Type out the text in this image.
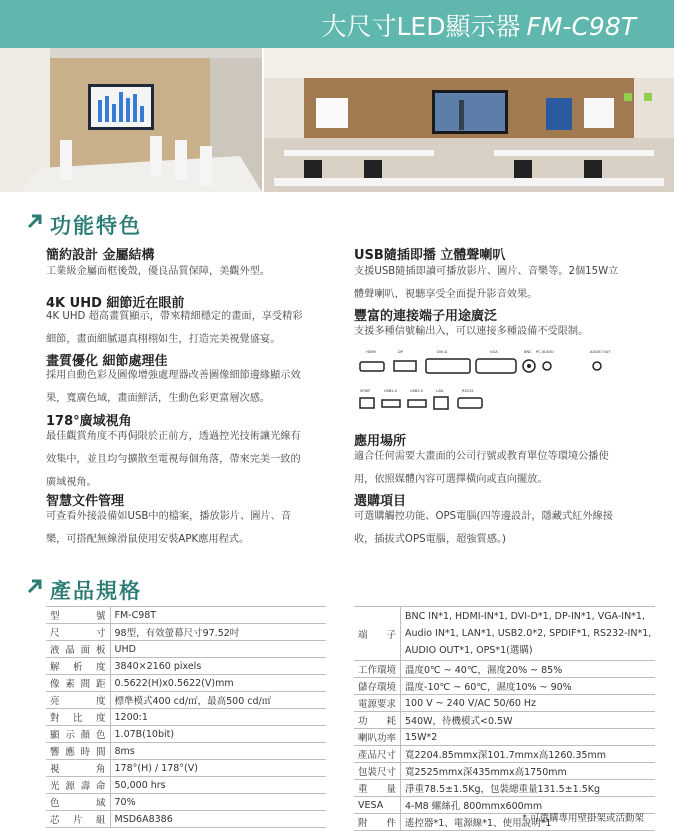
大尺寸LED顯示器 FM-C98T
功能特色
簡約設計 金屬結構
工業級金屬面框後殼，優良品質保障，美觀外型。
4K UHD 細節近在眼前
4K UHD 超高畫質顯示，帶來精細穩定的畫面，享受精彩細節，畫面細膩逼真栩栩如生，打造完美視覺盛宴。
畫質優化 細節處理佳
採用自動色彩及圖像增強處理器改善圖像細節邊緣顯示效果，寬廣色域，畫面鮮活，生動色彩更富層次感。
178°廣域視角
最佳觀賞角度不再侷限於正前方，透過控光技術讓光線有效集中，並且均勻擴散至電視每個角落，帶來完美一致的廣域視角。
智慧文件管理
可查看外接設備如USB中的檔案，播放影片、圖片、音樂，可搭配無線滑鼠使用安裝APK應用程式。
USB隨插即播 立體聲喇叭
支援USB隨插即讀可播放影片、圖片、音樂等。2個15W立體聲喇叭，視聽享受全面提升影音效果。
豐富的連接端子用途廣泛
支援多種信號輸出入，可以連接多種設備不受限制。
HDMI	DP	DVI-D	VGA	BNC PC AUDIO	AUDIO OUT
SPDIF	USB2.0	USB2.0	LAN	RS232
應用場所
適合任何需要大畫面的公司行號或教育單位等環境公播使用，依照媒體內容可選擇橫向或直向擺放。
選購項目
可選購觸控功能、OPS電腦(四等邊設計，隱藏式紅外線接收，插拔式OPS電腦，超強質感。)
產品規格
型號	FM-C98T
尺寸	98型，有效螢幕尺寸97.52吋
液晶面板	UHD
解析度	3840×2160 pixels
像素間距	0.5622(H)x0.5622(V)mm
亮度	標準模式400 cd/㎡，最高500 cd/㎡
對比度	1200:1
顯示顏色	1.07B(10bit)
響應時間	8ms
視角	178°(H) / 178°(V)
光源壽命	50,000 hrs
色域	70%
芯片組	MSD6A8386
端子	BNC IN*1, HDMI-IN*1, DVI-D*1, DP-IN*1, VGA-IN*1,
Audio IN*1, LAN*1, USB2.0*2, SPDIF*1, RS232-IN*1,
AUDIO OUT*1, OPS*1(選購)

工作環境	溫度0℃ ~ 40℃，濕度20% ~ 85%
儲存環境	溫度-10℃ ~ 60℃，濕度10% ~ 90%
電源要求	100 V ~ 240 V/AC 50/60 Hz
功耗	540W，待機模式<0.5W
喇叭功率	15W*2
產品尺寸	寬2204.85mmx深101.7mmx高1260.35mm
包裝尺寸	寬2525mmx深435mmx高1750mm
重量	淨重78.5±1.5Kg，包裝總重量131.5±1.5Kg
VESA	4-M8 螺絲孔 800mmx600mm
附件	遙控器*1、電源線*1、使用說明*1
* 可選購專用壁掛架或活動架
